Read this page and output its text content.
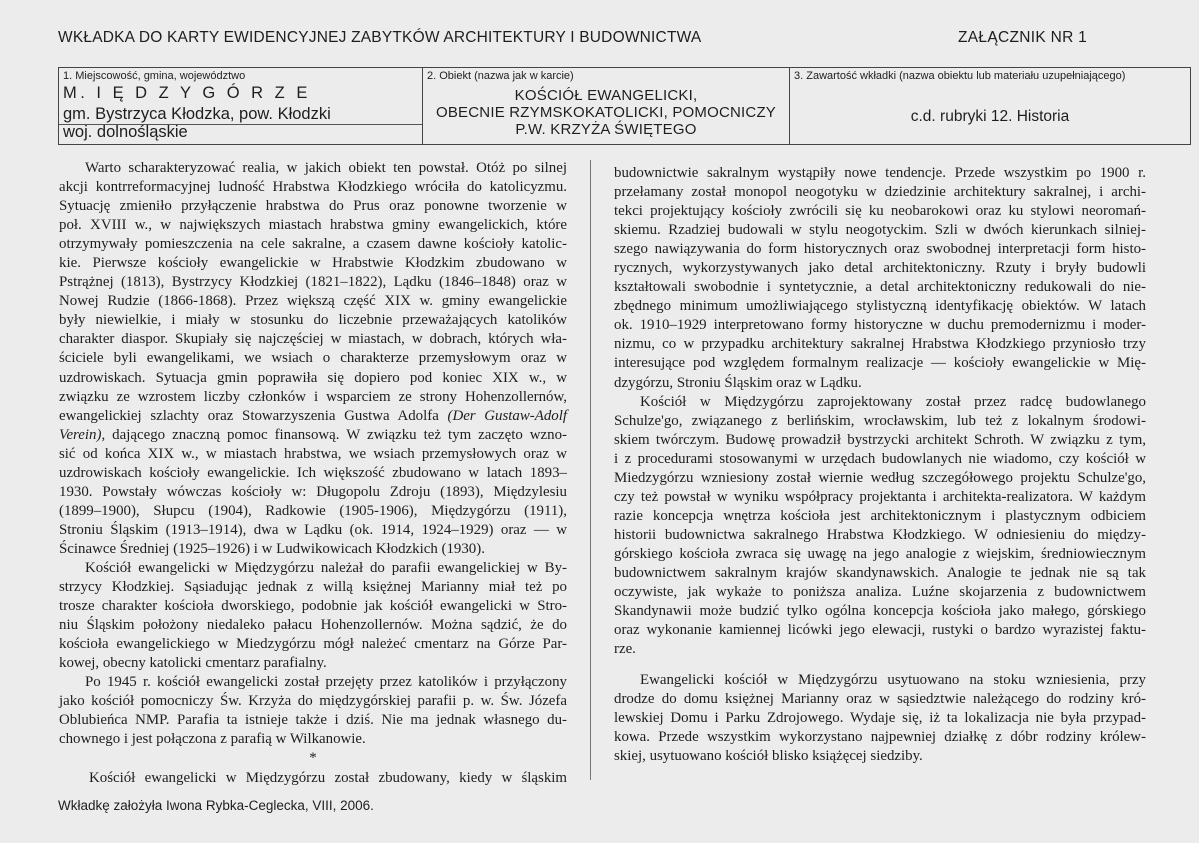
WKŁADKA DO KARTY EWIDENCYJNEJ ZABYTKÓW ARCHITEKTURY I BUDOWNICTWA	ZAŁĄCZNIK NR 1
1. Miejscowość, gmina, województwo
M. I Ę D Z Y G Ó R Z E
gm. Bystrzyca Kłodzka, pow. Kłodzki
woj. dolnośląskie
2. Obiekt (nazwa jak w karcie)
KOŚCIÓŁ EWANGELICKI,
OBECNIE RZYMSKOKATOLICKI, POMOCNICZY
P.W. KRZYŻA ŚWIĘTEGO
3. Zawartość wkładki (nazwa obiektu lub materiału uzupełniającego)
c.d. rubryki 12. Historia
Warto scharakteryzować realia, w jakich obiekt ten powstał. Otóż po silnej
akcji kontrreformacyjnej ludność Hrabstwa Kłodzkiego wróciła do katolicyzmu.
Sytuację zmieniło przyłączenie hrabstwa do Prus oraz ponowne tworzenie w
poł. XVIII w., w największych miastach hrabstwa gminy ewangelickich, które
otrzymywały pomieszczenia na cele sakralne, a czasem dawne kościoły katolic-
kie. Pierwsze kościoły ewangelickie w Hrabstwie Kłodzkim zbudowano w
Pstrążnej (1813), Bystrzycy Kłodzkiej (1821–1822), Lądku (1846–1848) oraz w
Nowej Rudzie (1866-1868). Przez większą część XIX w. gminy ewangelickie
były niewielkie, i miały w stosunku do liczebnie przeważających katolików
charakter diaspor. Skupiały się najczęściej w miastach, w dobrach, których wła-
ściciele byli ewangelikami, we wsiach o charakterze przemysłowym oraz w
uzdrowiskach. Sytuacja gmin poprawiła się dopiero pod koniec XIX w., w
związku ze wzrostem liczby członków i wsparciem ze strony Hohenzollernów,
ewangelickiej szlachty oraz Stowarzyszenia Gustwa Adolfa (Der Gustaw-Adolf
Verein), dającego znaczną pomoc finansową. W związku też tym zaczęto wzno-
sić od końca XIX w., w miastach hrabstwa, we wsiach przemysłowych oraz w
uzdrowiskach kościoły ewangelickie. Ich większość zbudowano w latach 1893–
1930. Powstały wówczas kościoły w: Długopolu Zdroju (1893), Międzylesiu
(1899–1900), Słupcu (1904), Radkowie (1905-1906), Międzygórzu (1911),
Stroniu Śląskim (1913–1914), dwa w Lądku (ok. 1914, 1924–1929) oraz — w
Ścinawce Średniej (1925–1926) i w Ludwikowicach Kłodzkich (1930).
Kościół ewangelicki w Międzygórzu należał do parafii ewangelickiej w By-
strzycy Kłodzkiej. Sąsiadując jednak z willą księżnej Marianny miał też po
trosze charakter kościoła dworskiego, podobnie jak kościół ewangelicki w Stro-
niu Śląskim położony niedaleko pałacu Hohenzollernów. Można sądzić, że do
kościoła ewangelickiego w Miedzygórzu mógł należeć cmentarz na Górze Par-
kowej, obecny katolicki cmentarz parafialny.
Po 1945 r. kościół ewangelicki został przejęty przez katolików i przyłączony
jako kościół pomocniczy Św. Krzyża do międzygórskiej parafii p. w. Św. Józefa
Oblubieńca NMP. Parafia ta istnieje także i dziś. Nie ma jednak własnego du-
chownego i jest połączona z parafią w Wilkanowie.
*
Kościół ewangelicki w Międzygórzu został zbudowany, kiedy w śląskim
budownictwie sakralnym wystąpiły nowe tendencje. Przede wszystkim po 1900 r.
przełamany został monopol neogotyku w dziedzinie architektury sakralnej, i archi-
tekci projektujący kościoły zwrócili się ku neobarokowi oraz ku stylowi neoromań-
skiemu. Rzadziej budowali w stylu neogotyckim. Szli w dwóch kierunkach silniej-
szego nawiązywania do form historycznych oraz swobodnej interpretacji form histo-
rycznych, wykorzystywanych jako detal architektoniczny. Rzuty i bryły budowli
kształtowali swobodnie i syntetycznie, a detal architektoniczny redukowali do nie-
zbędnego minimum umożliwiającego stylistyczną identyfikację obiektów. W latach
ok. 1910–1929 interpretowano formy historyczne w duchu premodernizmu i moder-
nizmu, co w przypadku architektury sakralnej Hrabstwa Kłodzkiego przyniosło trzy
interesujące pod względem formalnym realizacje — kościoły ewangelickie w Mię-
dzygórzu, Stroniu Śląskim oraz w Lądku.
Kościół w Międzygórzu zaprojektowany został przez radcę budowlanego
Schulze'go, związanego z berlińskim, wrocławskim, lub też z lokalnym środowi-
skiem twórczym. Budowę prowadził bystrzycki architekt Schroth. W związku z tym,
i z procedurami stosowanymi w urzędach budowlanych nie wiadomo, czy kościół w
Miedzygórzu wzniesiony został wiernie według szczegółowego projektu Schulze'go,
czy też powstał w wyniku współpracy projektanta i architekta-realizatora. W każdym
razie koncepcja wnętrza kościoła jest architektonicznym i plastycznym odbiciem
historii budownictwa sakralnego Hrabstwa Kłodzkiego. W odniesieniu do między-
górskiego kościoła zwraca się uwagę na jego analogie z wiejskim, średniowiecznym
budownictwem sakralnym krajów skandynawskich. Analogie te jednak nie są tak
oczywiste, jak wykaże to poniższa analiza. Luźne skojarzenia z budownictwem
Skandynawii może budzić tylko ogólna koncepcja kościoła jako małego, górskiego
oraz wykonanie kamiennej licówki jego elewacji, rustyki o bardzo wyrazistej faktu-
rze.
Ewangelicki kościół w Międzygórzu usytuowano na stoku wzniesienia, przy
drodze do domu księżnej Marianny oraz w sąsiedztwie należącego do rodziny kró-
lewskiej Domu i Parku Zdrojowego. Wydaje się, iż ta lokalizacja nie była przypad-
kowa. Przede wszystkim wykorzystano najpewniej działkę z dóbr rodziny królew-
skiej, usytuowano kościół blisko książęcej siedziby.
Wkładkę założyła Iwona Rybka-Ceglecka, VIII, 2006.
